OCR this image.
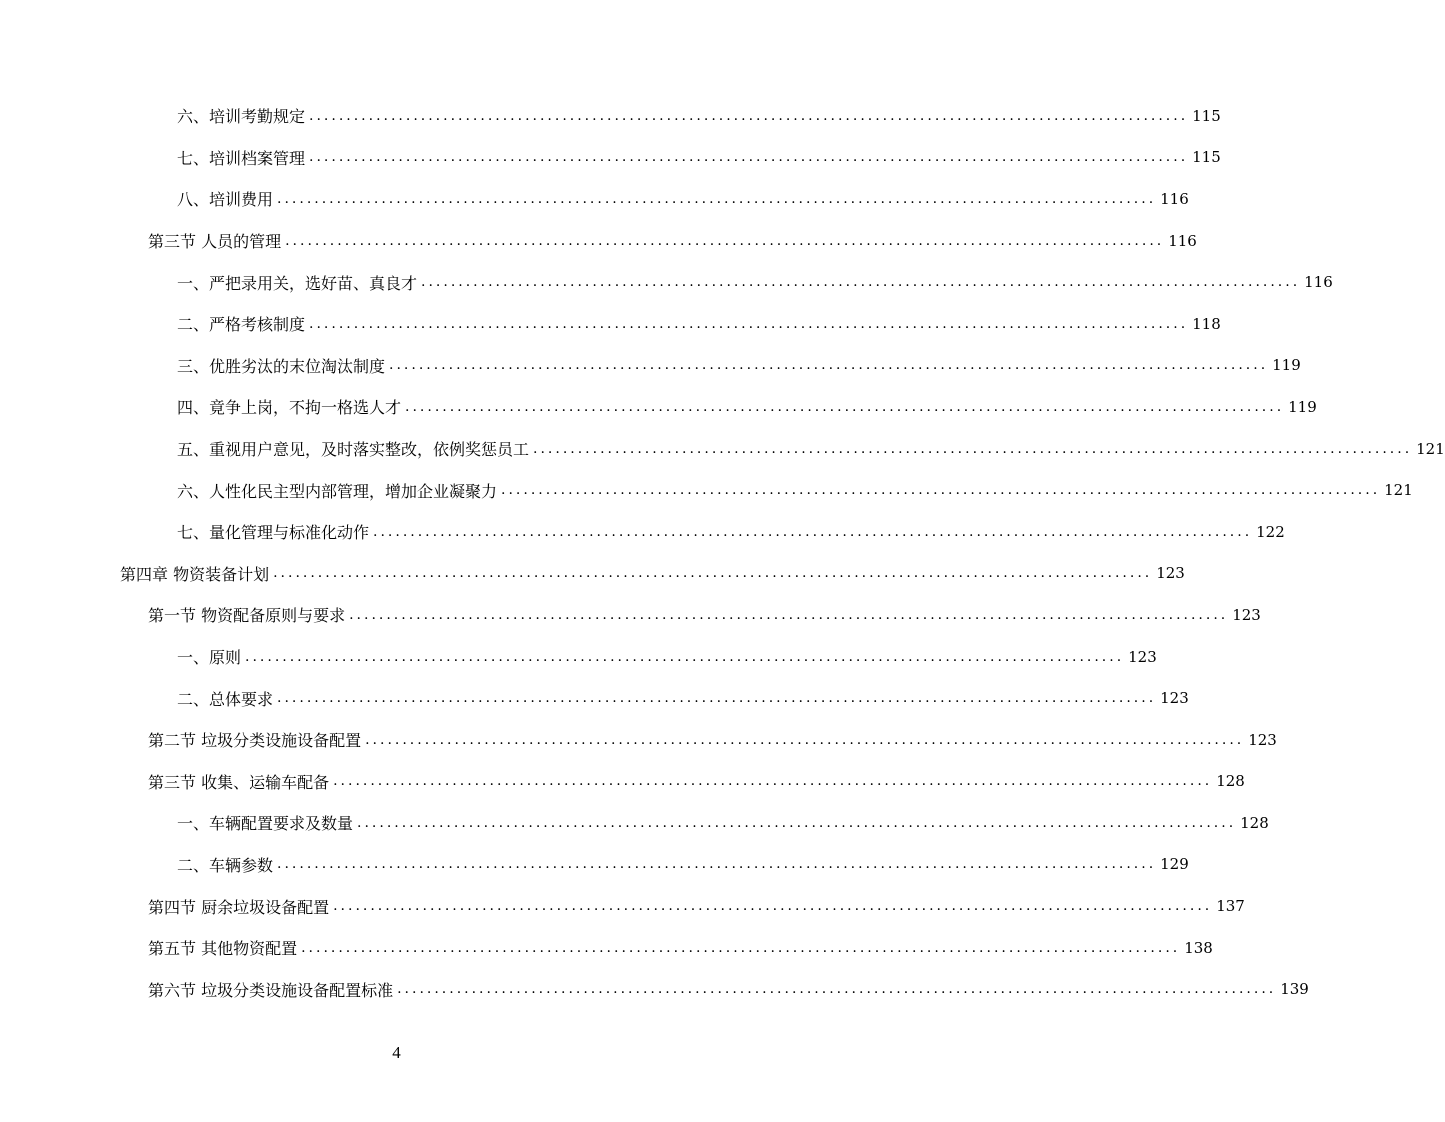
六、培训考勤规定 ...................................................................................................................... 115
七、培训档案管理 ...................................................................................................................... 115
八、培训费用 ...................................................................................................................... 116
第三节 人员的管理 ...................................................................................................................... 116
一、严把录用关，选好苗、真良才 ...................................................................................................................... 116
二、严格考核制度 ...................................................................................................................... 118
三、优胜劣汰的末位淘汰制度 ...................................................................................................................... 119
四、竟争上岗，不拘一格选人才 ...................................................................................................................... 119
五、重视用户意见，及时落实整改，依例奖惩员工 ...................................................................................................................... 121
六、人性化民主型内部管理，增加企业凝聚力 ...................................................................................................................... 121
七、量化管理与标准化动作 ...................................................................................................................... 122
第四章 物资装备计划 ...................................................................................................................... 123
第一节 物资配备原则与要求 ...................................................................................................................... 123
一、原则 ...................................................................................................................... 123
二、总体要求 ...................................................................................................................... 123
第二节 垃圾分类设施设备配置 ...................................................................................................................... 123
第三节 收集、运输车配备 ...................................................................................................................... 128
一、车辆配置要求及数量 ...................................................................................................................... 128
二、车辆参数 ...................................................................................................................... 129
第四节 厨余垃圾设备配置 ...................................................................................................................... 137
第五节 其他物资配置 ...................................................................................................................... 138
第六节 垃圾分类设施设备配置标准 ...................................................................................................................... 139
4
